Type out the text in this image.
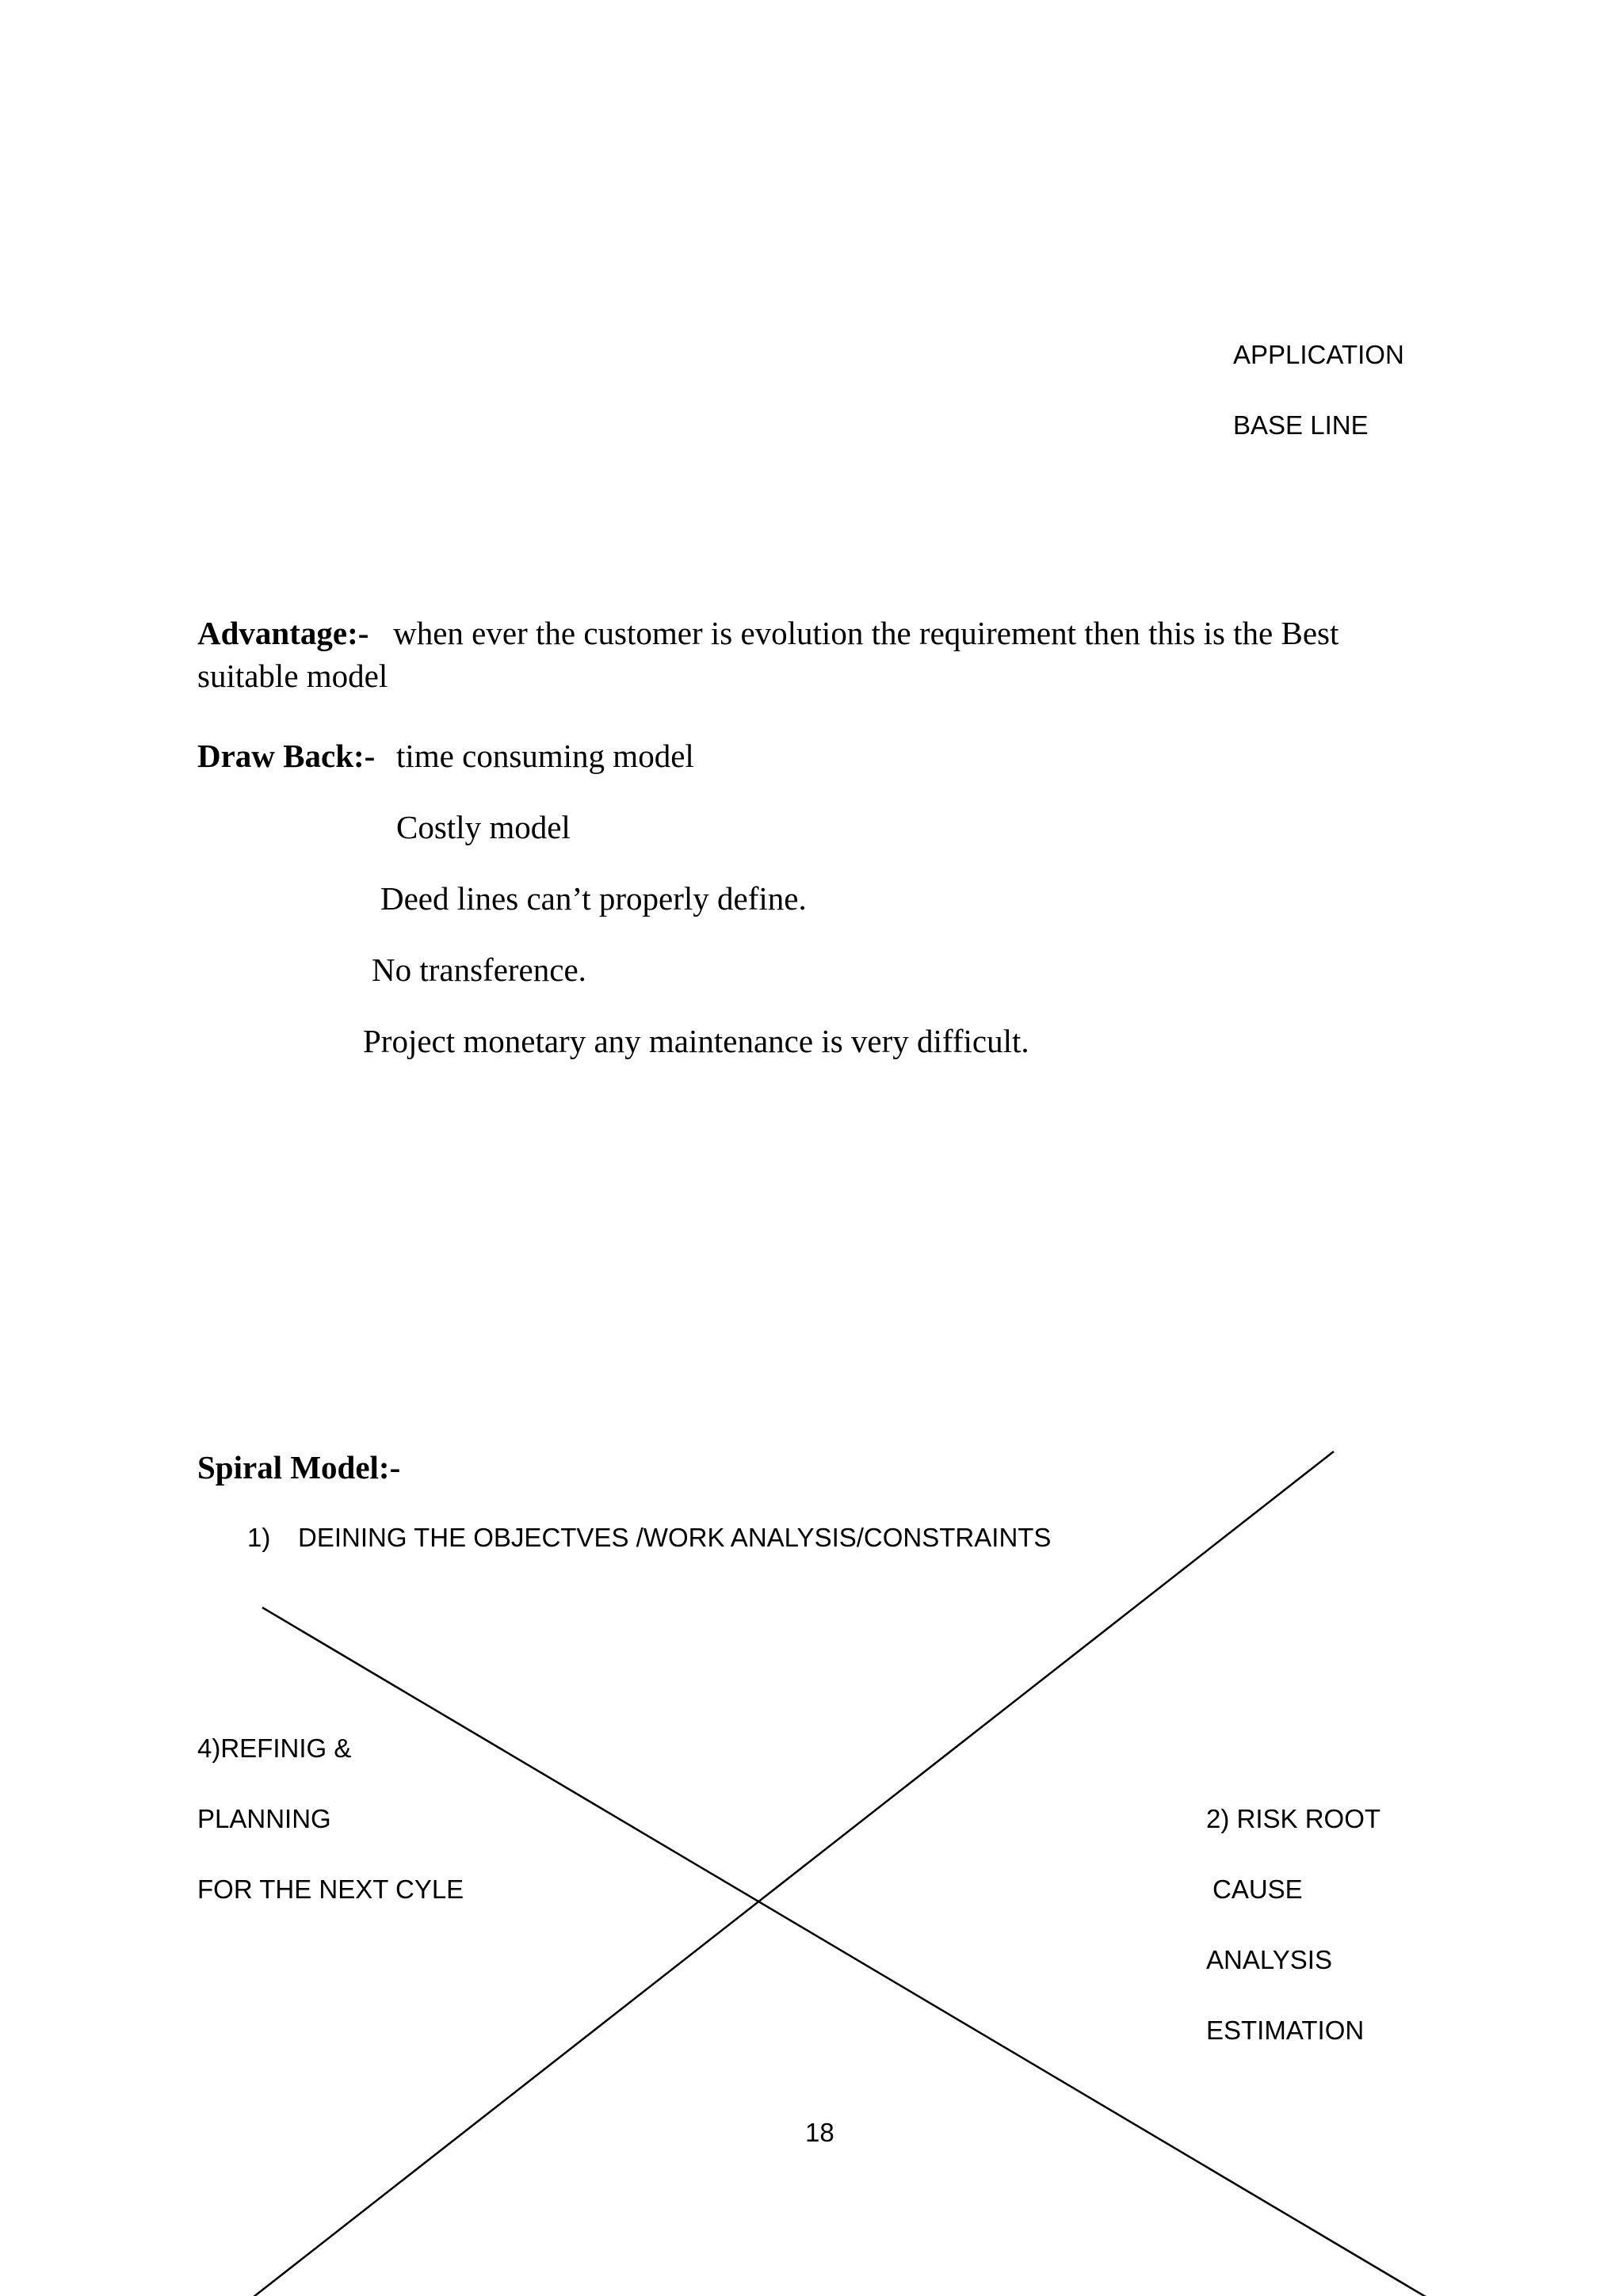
APPLICATION
BASE LINE
Advantage:- when ever the customer is evolution the requirement then this is the Best
suitable model
Draw Back:- time consuming model
Costly model
Deed lines can’t properly define.
No transference.
Project monetary any maintenance is very difficult.
Spiral Model:-
1) DEINING THE OBJECTVES /WORK ANALYSIS/CONSTRAINTS
4)REFINIG &
PLANNING
FOR THE NEXT CYLE
2) RISK ROOT
CAUSE
ANALYSIS
ESTIMATION
18
